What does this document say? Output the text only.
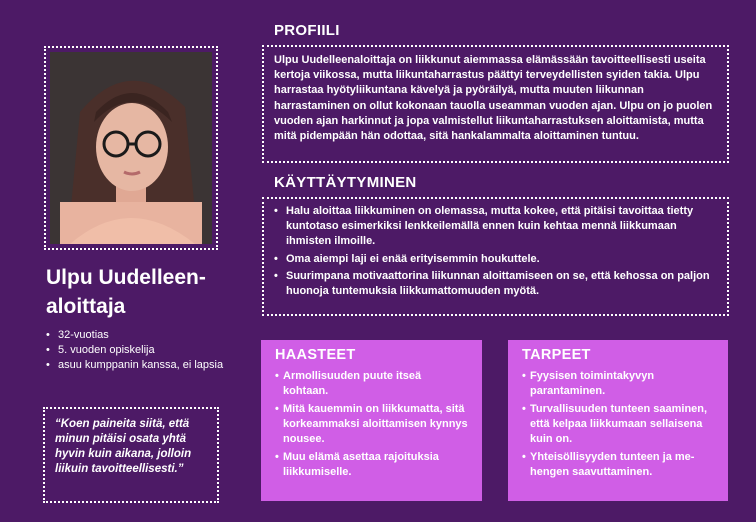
Ulpu Uudelleen-aloittaja
• 32-vuotias
• 5. vuoden opiskelija
• asuu kumppanin kanssa, ei lapsia
“Koen paineita siitä, että minun pitäisi osata yhtä hyvin kuin aikana, jolloin liikuin tavoitteellisesti.”
PROFIILI
Ulpu Uudelleenaloittaja on liikkunut aiemmassa elämässään tavoitteellisesti useita kertoja viikossa, mutta liikuntaharrastus päättyi terveydellisten syiden takia. Ulpu harrastaa hyötyliikuntana kävelyä ja pyöräilyä, mutta muuten liikunnan harrastaminen on ollut kokonaan tauolla useamman vuoden ajan. Ulpu on jo puolen vuoden ajan harkinnut ja jopa valmistellut liikuntaharrastuksen aloittamista, mutta mitä pidempään hän odottaa, sitä hankalammalta aloittaminen tuntuu.
KÄYTTÄYTYMINEN
• Halu aloittaa liikkuminen on olemassa, mutta kokee, että pitäisi tavoittaa tietty kuntotaso esimerkiksi lenkkeilemällä ennen kuin kehtaa mennä liikkumaan ihmisten ilmoille.
• Oma aiempi laji ei enää erityisemmin houkuttele.
• Suurimpana motivaattorina liikunnan aloittamiseen on se, että kehossa on paljon huonoja tuntemuksia liikkumattomuuden myötä.
HAASTEET
• Armollisuuden puute itseä kohtaan.
• Mitä kauemmin on liikkumatta, sitä korkeammaksi aloittamisen kynnys nousee.
• Muu elämä asettaa rajoituksia liikkumiselle.
TARPEET
• Fyysisen toimintakyvyn parantaminen.
• Turvallisuuden tunteen saaminen, että kelpaa liikkumaan sellaisena kuin on.
• Yhteisöllisyyden tunteen ja me-hengen saavuttaminen.
